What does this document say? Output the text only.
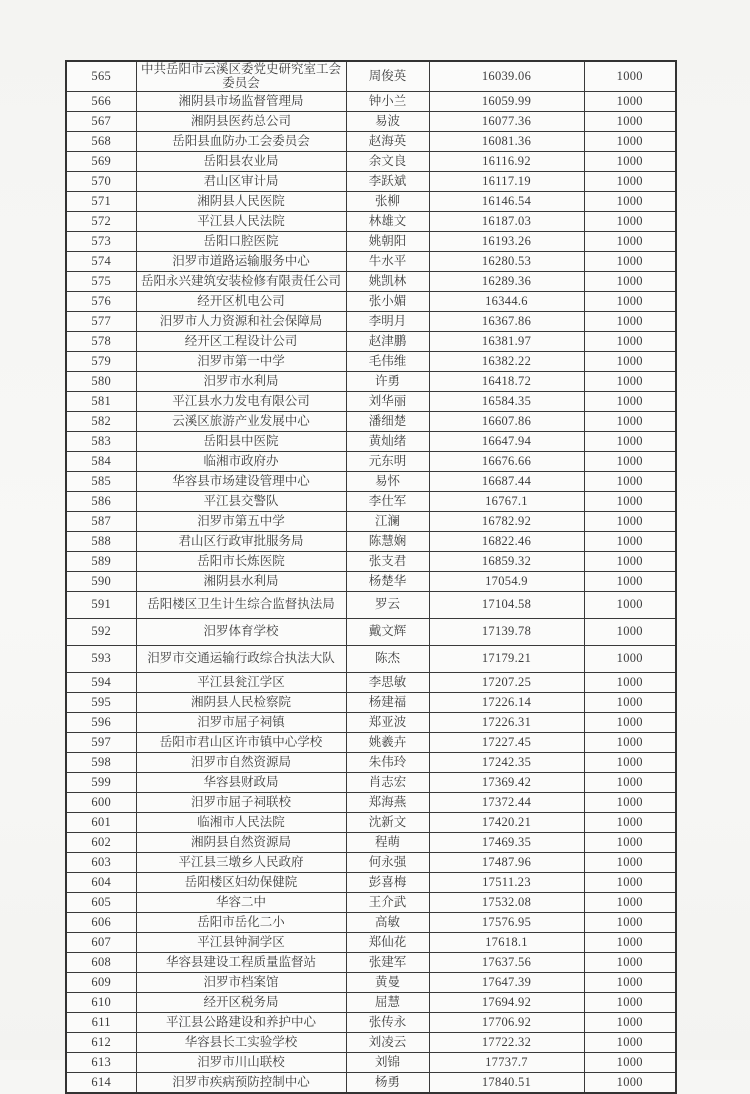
565	中共岳阳市云溪区委党史研究室工会委员会	周俊英	16039.06	1000
566	湘阴县市场监督管理局	钟小兰	16059.99	1000
567	湘阴县医药总公司	易波	16077.36	1000
568	岳阳县血防办工会委员会	赵海英	16081.36	1000
569	岳阳县农业局	余文良	16116.92	1000
570	君山区审计局	李跃斌	16117.19	1000
571	湘阴县人民医院	张柳	16146.54	1000
572	平江县人民法院	林雄文	16187.03	1000
573	岳阳口腔医院	姚朝阳	16193.26	1000
574	汨罗市道路运输服务中心	牛水平	16280.53	1000
575	岳阳永兴建筑安装检修有限责任公司	姚凯林	16289.36	1000
576	经开区机电公司	张小媚	16344.6	1000
577	汨罗市人力资源和社会保障局	李明月	16367.86	1000
578	经开区工程设计公司	赵津鹏	16381.97	1000
579	汨罗市第一中学	毛伟维	16382.22	1000
580	汨罗市水利局	许勇	16418.72	1000
581	平江县水力发电有限公司	刘华丽	16584.35	1000
582	云溪区旅游产业发展中心	潘细楚	16607.86	1000
583	岳阳县中医院	黄灿绪	16647.94	1000
584	临湘市政府办	元东明	16676.66	1000
585	华容县市场建设管理中心	易怀	16687.44	1000
586	平江县交警队	李仕军	16767.1	1000
587	汨罗市第五中学	江澜	16782.92	1000
588	君山区行政审批服务局	陈慧娴	16822.46	1000
589	岳阳市长炼医院	张支君	16859.32	1000
590	湘阴县水利局	杨楚华	17054.9	1000
591	岳阳楼区卫生计生综合监督执法局	罗云	17104.58	1000
592	汨罗体育学校	戴文辉	17139.78	1000
593	汨罗市交通运输行政综合执法大队	陈杰	17179.21	1000
594	平江县瓮江学区	李思敏	17207.25	1000
595	湘阴县人民检察院	杨建福	17226.14	1000
596	汨罗市屈子祠镇	郑亚波	17226.31	1000
597	岳阳市君山区许市镇中心学校	姚羲卉	17227.45	1000
598	汨罗市自然资源局	朱伟玲	17242.35	1000
599	华容县财政局	肖志宏	17369.42	1000
600	汨罗市屈子祠联校	郑海燕	17372.44	1000
601	临湘市人民法院	沈新文	17420.21	1000
602	湘阴县自然资源局	程萌	17469.35	1000
603	平江县三墩乡人民政府	何永强	17487.96	1000
604	岳阳楼区妇幼保健院	彭喜梅	17511.23	1000
605	华容二中	王介武	17532.08	1000
606	岳阳市岳化二小	高敏	17576.95	1000
607	平江县钟洞学区	郑仙花	17618.1	1000
608	华容县建设工程质量监督站	张建军	17637.56	1000
609	汨罗市档案馆	黄曼	17647.39	1000
610	经开区税务局	屈慧	17694.92	1000
611	平江县公路建设和养护中心	张传永	17706.92	1000
612	华容县长工实验学校	刘凌云	17722.32	1000
613	汨罗市川山联校	刘锦	17737.7	1000
614	汨罗市疾病预防控制中心	杨勇	17840.51	1000
